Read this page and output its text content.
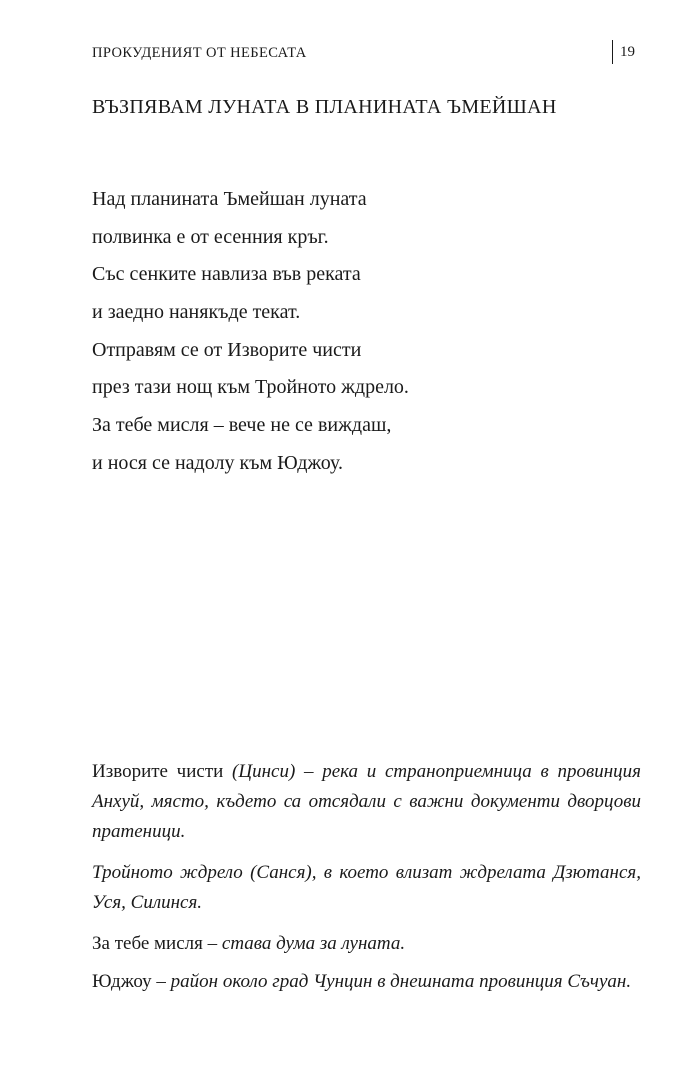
ПРОКУДЕНИЯТ ОТ НЕБЕСАТА	19
ВЪЗПЯВАМ ЛУНАТА В ПЛАНИНАТА ЪМЕЙШАН
Над планината Ъмейшан луната
полвинка е от есенния кръг.
Със сенките навлиза във реката
и заедно нанякъде текат.
Отправям се от Изворите чисти
през тази нощ към Тройното ждрело.
За тебе мисля – вече не се виждаш,
и нося се надолу към Юджоу.

Изворите чисти (Цинси) – река и страноприемница в провинция Анхуй, място, където са отсядали с важни документи дворцови пратеници.

Тройното ждрело (Санся), в което влизат ждрелата Дзютанся, Уся, Силинся.

За тебе мисля – става дума за луната.

Юджоу – район около град Чунцин в днешната провинция Съчуан.
